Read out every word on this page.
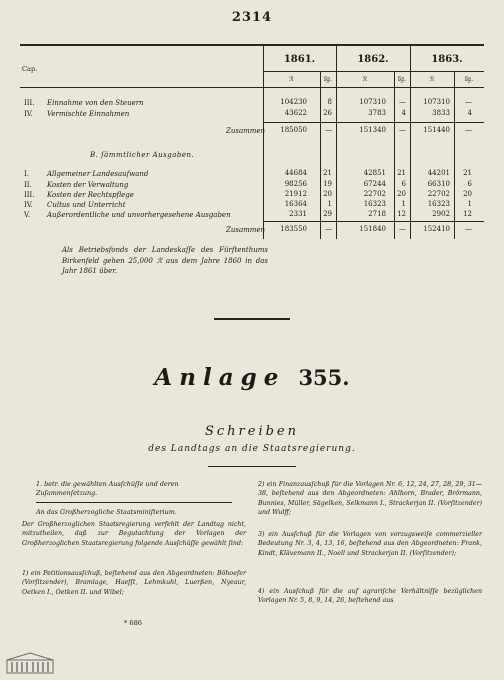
2314
Cap.
1861.	1862.	1863.
ℛ	ſg.	ℛ	ſg.	ℛ	ſg.
III. Einnahme von den Steuern	104230	8	107310	—	107310	—
IV. Vermischte Einnahmen	43622	26	3783	4	3833	4
Zusammen	185050	—	151340	—	151440	—
B. ſämmtlicher Ausgaben.
I.	Allgemeiner Landesaufwand	44684	21	42851	21	44201	21
II. Kosten der Verwaltung	98256	19	67244	6	66310	6
III. Kosten der Rechtspflege	21912	20	22702	20	22702	20
IV. Cultus und Unterricht	16364	1	16323	1	16323	1
V. Außerordentliche und unvorhergesehene Ausgaben	2331	29	2718	12	2902	12
Zusammen	183550	—	151840	—	152410	—
Als Betriebsfonds der Landeskaſſe des Fürſtenthums Birkenfeld gehen 25,000 ℛ aus dem Jahre 1860 in das Jahr 1861 über.
Anlage 355.
Schreiben
des Landtags an die Staatsregierung.
1. betr. die gewählten Ausſchüſſe und deren Zuſammenſetzung.
An das Großherzogliche Staatsminiſterium.
Der Großherzoglichen Staatsregierung verfehlt der Landtag nicht, mitzutheilen, daß zur Begutachtung der Vorlagen der Großherzoglichen Staatsregierung folgende Ausſchüſſe gewählt ſind:
1) ein Petitionsausſchuß, beſtehend aus den Abgeordneten: Böhoefer (Vorſitzender), Bramlage, Haeſſt, Lehmkuhl, Luerßen, Nyeaur, Oetken I., Oetken II. und Wibel;
* 686
2) ein Finanzausſchuß für die Vorlagen Nr. 6, 12, 24, 27, 28, 29, 31—38, beſtehend aus den Abgeordneten: Ahlhorn, Brader, Brörmann, Bunnies, Müller, Sägelken, Selkmann I., Strackerjan II. (Vorſitzender) und Wulff;
3) ein Ausſchuß für die Vorlagen von vorzugsweiſe commerzieller Bedeutung Nr. 3, 4, 13, 16, beſtehend aus den Abgeordneten: Frank, Kindt, Klävemann II., Noell und Strackerjan II. (Vorſitzender);
4) ein Ausſchuß für die auf agrariſche Verhältniſſe bezüglichen Vorlagen Nr. 5, 8, 9, 14, 26, beſtehend aus
